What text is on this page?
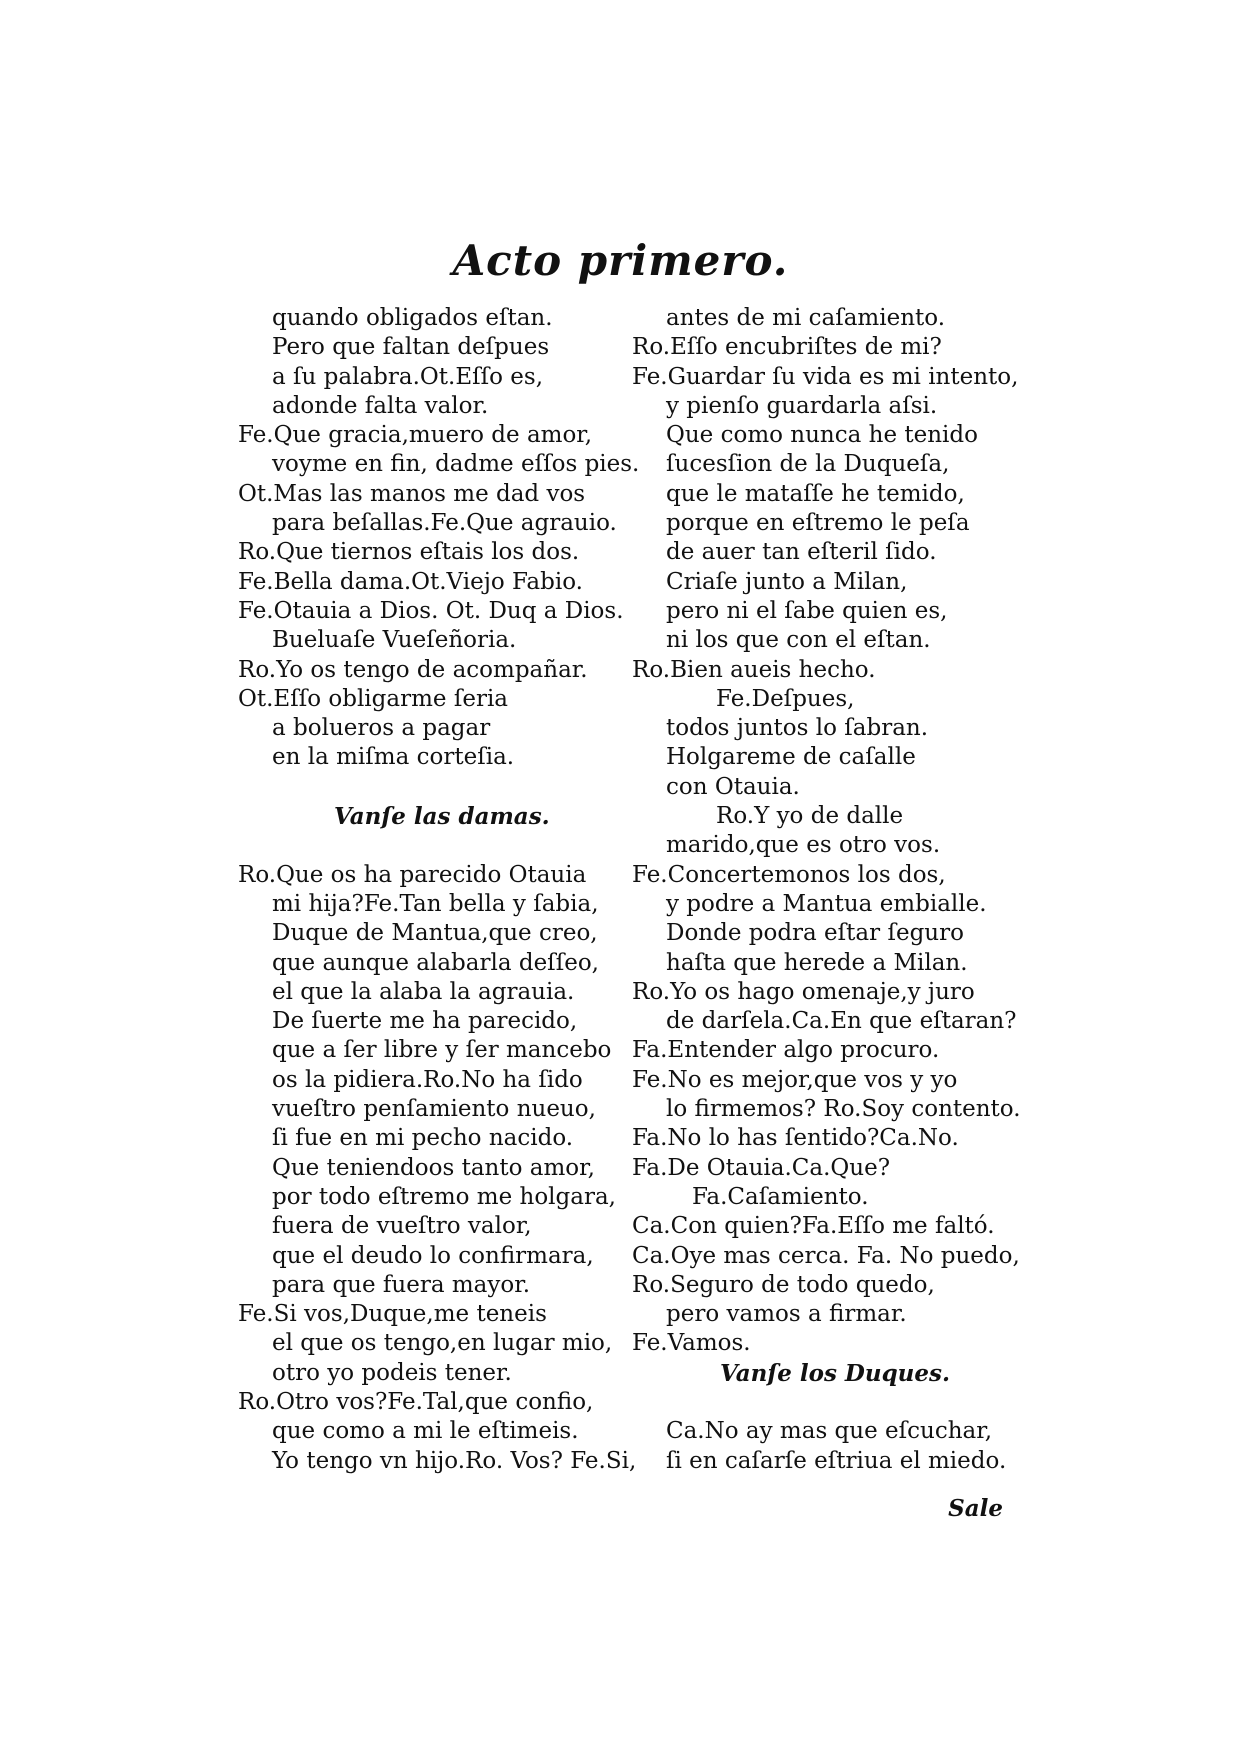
Acto primero.
quando obligados eſtan.
Pero que faltan deſpues
a ſu palabra.Ot.Eſſo es,
adonde falta valor.
Fe.Que gracia,muero de amor,
voyme en fin, dadme eſſos pies.
Ot.Mas las manos me dad vos
para beſallas.Fe.Que agrauio.
Ro.Que tiernos eſtais los dos.
Fe.Bella dama.Ot.Viejo Fabio.
Fe.Otauia a Dios. Ot. Duq a Dios.
Bueluaſe Vueſeñoria.
Ro.Yo os tengo de acompañar.
Ot.Eſſo obligarme ſeria
a bolueros a pagar
en la miſma corteſia.
Vanſe las damas.
Ro.Que os ha parecido Otauia
mi hija?Fe.Tan bella y ſabia,
Duque de Mantua,que creo,
que aunque alabarla deſſeo,
el que la alaba la agrauia.
De ſuerte me ha parecido,
que a ſer libre y ſer mancebo
os la pidiera.Ro.No ha ſido
vueſtro penſamiento nueuo,
ſi fue en mi pecho nacido.
Que teniendoos tanto amor,
por todo eſtremo me holgara,
fuera de vueſtro valor,
que el deudo lo confirmara,
para que fuera mayor.
Fe.Si vos,Duque,me teneis
el que os tengo,en lugar mio,
otro yo podeis tener.
Ro.Otro vos?Fe.Tal,que confio,
que como a mi le eſtimeis.
Yo tengo vn hijo.Ro. Vos? Fe.Si,
antes de mi caſamiento.
Ro.Eſſo encubriſtes de mi?
Fe.Guardar ſu vida es mi intento,
y pienſo guardarla aſsi.
Que como nunca he tenido
ſucesſion de la Duqueſa,
que le mataſſe he temido,
porque en eſtremo le peſa
de auer tan eſteril ſido.
Criaſe junto a Milan,
pero ni el ſabe quien es,
ni los que con el eſtan.
Ro.Bien aueis hecho.
Fe.Deſpues,
todos juntos lo ſabran.
Holgareme de caſalle
con Otauia.
Ro.Y yo de dalle
marido,que es otro vos.
Fe.Concertemonos los dos,
y podre a Mantua embialle.
Donde podra eſtar ſeguro
haſta que herede a Milan.
Ro.Yo os hago omenaje,y juro
de darſela.Ca.En que eſtaran?
Fa.Entender algo procuro.
Fe.No es mejor,que vos y yo
lo firmemos? Ro.Soy contento.
Fa.No lo has ſentido?Ca.No.
Fa.De Otauia.Ca.Que?
Fa.Caſamiento.
Ca.Con quien?Fa.Eſſo me faltó.
Ca.Oye mas cerca. Fa. No puedo,
Ro.Seguro de todo quedo,
pero vamos a firmar.
Fe.Vamos.
Vanſe los Duques.
Ca.No ay mas que eſcuchar,
ſi en caſarſe eſtriua el miedo.
Sale
